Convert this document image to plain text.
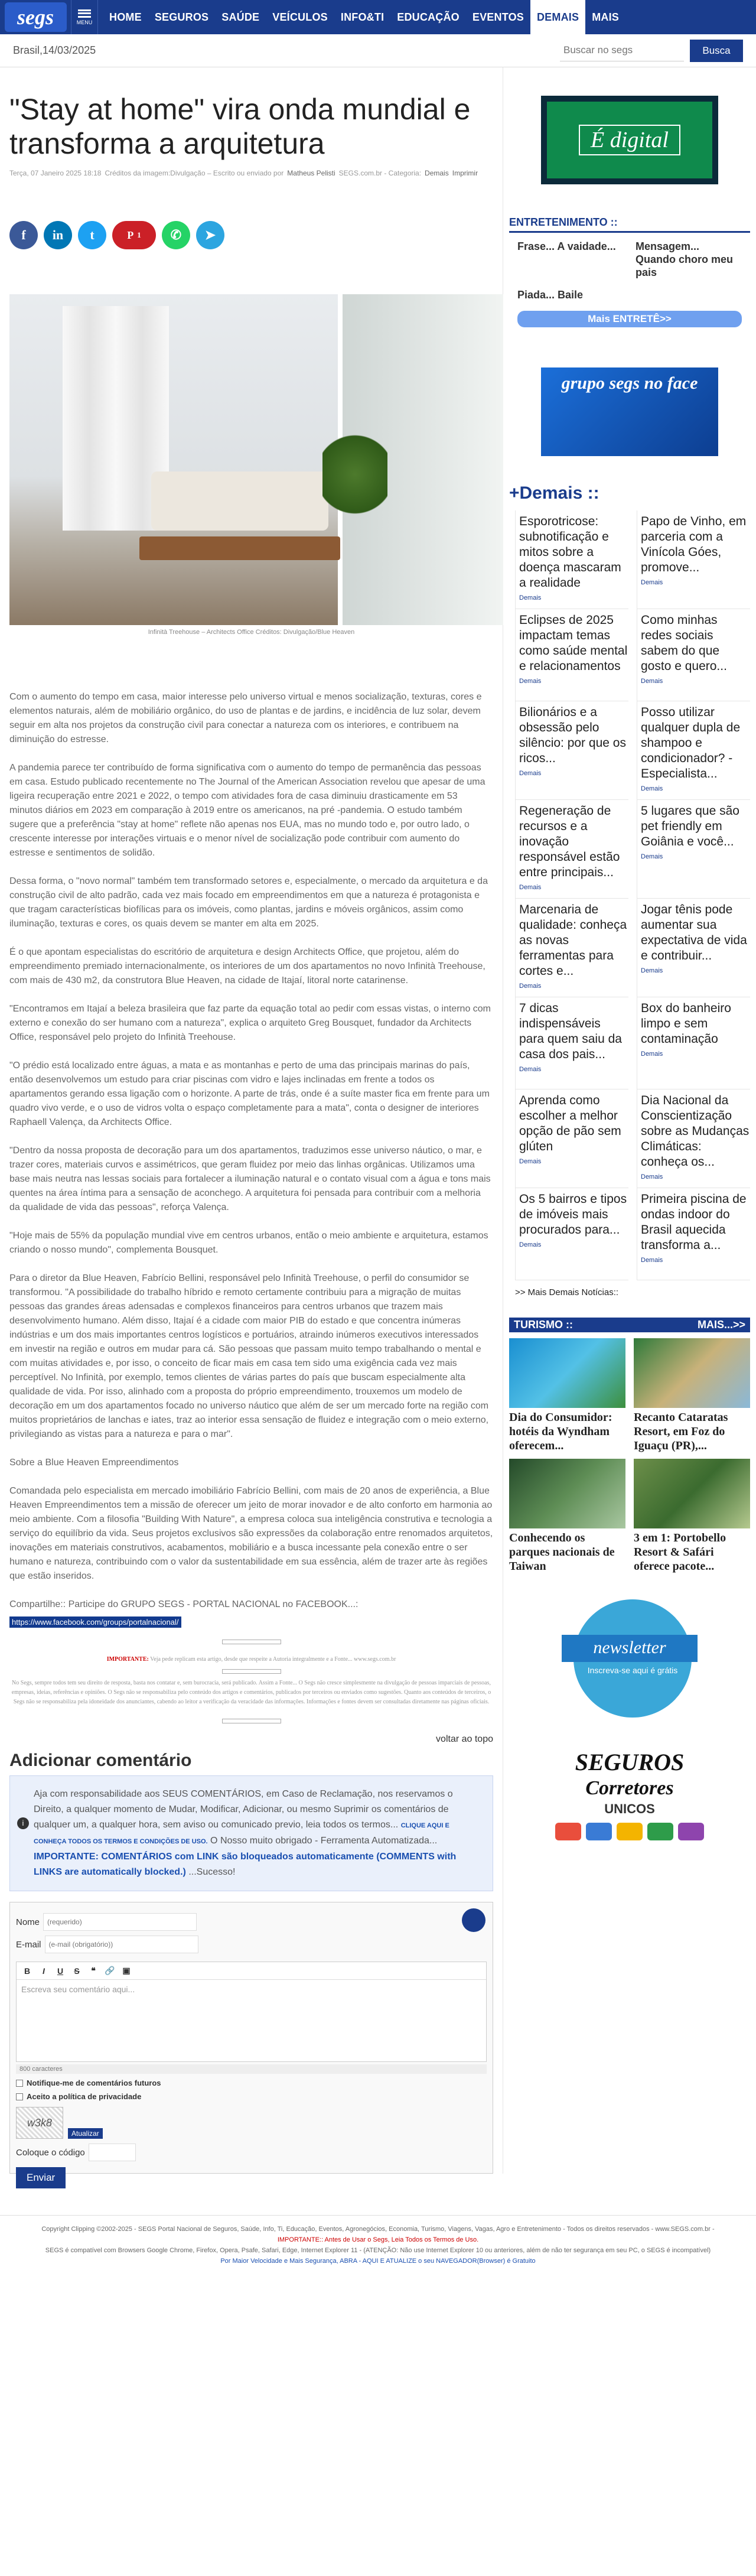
segs	MENU	HOME	SEGUROS	SAÚDE	VEÍCULOS	INFO&TI	EDUCAÇÃO	EVENTOS	DEMAIS	MAIS
Brasil,14/03/2025
Buscar no segs	Busca
"Stay at home" vira onda mundial e transforma a arquitetura
Terça, 07 Janeiro 2025 18:18 Créditos da imagem:Divulgação – Escrito ou enviado por Matheus Pelisti SEGS.com.br - Categoria: Demais Imprimir
f	in	t	P 1	✆	➤
Infinità Treehouse – Architects Office Créditos: Divulgação/Blue Heaven

Com o aumento do tempo em casa, maior interesse pelo universo virtual e menos socialização, texturas, cores e elementos naturais, além de mobiliário orgânico, do uso de plantas e de jardins, e incidência de luz solar, devem seguir em alta nos projetos da construção civil para conectar a natureza com os interiores, e contribuem na diminuição do estresse.

A pandemia parece ter contribuído de forma significativa com o aumento do tempo de permanência das pessoas em casa. Estudo publicado recentemente no The Journal of the American Association revelou que apesar de uma ligeira recuperação entre 2021 e 2022, o tempo com atividades fora de casa diminuiu drasticamente em 53 minutos diários em 2023 em comparação à 2019 entre os americanos, na pré -pandemia. O estudo também sugere que a preferência "stay at home" reflete não apenas nos EUA, mas no mundo todo e, por outro lado, o crescente interesse por interações virtuais e o menor nível de socialização pode contribuir com aumento do estresse e sentimentos de solidão.

Dessa forma, o "novo normal" também tem transformado setores e, especialmente, o mercado da arquitetura e da construção civil de alto padrão, cada vez mais focado em empreendimentos em que a natureza é protagonista e que tragam características biofílicas para os imóveis, como plantas, jardins e móveis orgânicos, assim como iluminação, texturas e cores, os quais devem se manter em alta em 2025.

É o que apontam especialistas do escritório de arquitetura e design Architects Office, que projetou, além do empreendimento premiado internacionalmente, os interiores de um dos apartamentos no novo Infinità Treehouse, com mais de 430 m2, da construtora Blue Heaven, na cidade de Itajaí, litoral norte catarinense.

"Encontramos em Itajaí a beleza brasileira que faz parte da equação total ao pedir com essas vistas, o interno com externo e conexão do ser humano com a natureza", explica o arquiteto Greg Bousquet, fundador da Architects Office, responsável pelo projeto do Infinità Treehouse.

"O prédio está localizado entre águas, a mata e as montanhas e perto de uma das principais marinas do país, então desenvolvemos um estudo para criar piscinas com vidro e lajes inclinadas em frente a todos os apartamentos gerando essa ligação com o horizonte. A parte de trás, onde é a suíte master fica em frente para um quadro vivo verde, e o uso de vidros volta o espaço completamente para a mata", conta o designer de interiores Raphaell Valença, da Architects Office.

"Dentro da nossa proposta de decoração para um dos apartamentos, traduzimos esse universo náutico, o mar, e trazer cores, materiais curvos e assimétricos, que geram fluidez por meio das linhas orgânicas. Utilizamos uma base mais neutra nas lessas sociais para fortalecer a iluminação natural e o contato visual com a água e tons mais quentes na área íntima para a sensação de aconchego. A arquitetura foi pensada para contribuir com a melhoria da qualidade de vida das pessoas", reforça Valença.

"Hoje mais de 55% da população mundial vive em centros urbanos, então o meio ambiente e arquitetura, estamos criando o nosso mundo", complementa Bousquet.

Para o diretor da Blue Heaven, Fabrício Bellini, responsável pelo Infinità Treehouse, o perfil do consumidor se transformou. "A possibilidade do trabalho híbrido e remoto certamente contribuiu para a migração de muitas pessoas das grandes áreas adensadas e complexos financeiros para centros urbanos que trazem mais desenvolvimento humano. Além disso, Itajaí é a cidade com maior PIB do estado e que concentra inúmeras indústrias e um dos mais importantes centros logísticos e portuários, atraindo inúmeros executivos interessados em investir na região e outros em mudar para cá. São pessoas que passam muito tempo trabalhando o mental e com muitas atividades e, por isso, o conceito de ficar mais em casa tem sido uma exigência cada vez mais perceptível. No Infinità, por exemplo, temos clientes de várias partes do país que buscam especialmente alta qualidade de vida. Por isso, alinhado com a proposta do próprio empreendimento, trouxemos um modelo de decoração em um dos apartamentos focado no universo náutico que além de ser um mercado forte na região com muitos proprietários de lanchas e iates, traz ao interior essa sensação de fluidez e integração com o meio externo, privilegiando as vistas para a natureza e para o mar".

Sobre a Blue Heaven Empreendimentos

Comandada pelo especialista em mercado imobiliário Fabrício Bellini, com mais de 20 anos de experiência, a Blue Heaven Empreendimentos tem a missão de oferecer um jeito de morar inovador e de alto conforto em harmonia ao meio ambiente. Com a filosofia "Building With Nature", a empresa coloca sua inteligência construtiva e tecnologia a serviço do equilíbrio da vida. Seus projetos exclusivos são expressões da colaboração entre renomados arquitetos, inovações em materiais construtivos, acabamentos, mobiliário e a busca incessante pela conexão entre o ser humano e natureza, contribuindo com o valor da sustentabilidade em sua essência, além de trazer arte às regiões que estão inseridos.

Compartilhe:: Participe do GRUPO SEGS - PORTAL NACIONAL no FACEBOOK...:

https://www.facebook.com/groups/portalnacional/
IMPORTANTE: Veja pede replicam esta artigo, desde que respeite a Autoria integralmente e a Fonte... www.segs.com.br
No Segs, sempre todos tem seu direito de resposta, basta nos contatar e, sem burocracia, será publicado. Assim a Fonte... O Segs não cresce simplesmente na divulgação de pessoas imparciais de pessoas, empresas, ideias, referências e opiniões. O Segs não se responsabiliza pelo conteúdo dos artigos e comentários, publicados por terceiros ou enviados como sugestões. Quanto aos conteúdos de terceiros, o Segs não se responsabiliza pela idoneidade dos anunciantes, cabendo ao leitor a verificação da veracidade das informações. Informações e fontes devem ser consultadas diretamente nas páginas oficiais.
voltar ao topo
Adicionar comentário
i
Aja com responsabilidade aos SEUS COMENTÁRIOS, em Caso de Reclamação, nos reservamos o Direito, a qualquer momento de Mudar, Modificar, Adicionar, ou mesmo Suprimir os comentários de qualquer um, a qualquer hora, sem aviso ou comunicado previo, leia todos os termos... CLIQUE AQUI E CONHEÇA TODOS OS TERMOS E CONDIÇÕES DE USO. O Nosso muito obrigado - Ferramenta Automatizada... IMPORTANTE: COMENTÁRIOS com LINK são bloqueados automaticamente (COMMENTS with LINKS are automatically blocked.) ...Sucesso!
Nome
(requerido)
E-mail
(e-mail (obrigatório))
B	I	U	S	❝	🔗 ▣
Escreva seu comentário aqui...
800 caracteres
Notifique-me de comentários futuros
Aceito a política de privacidade
w3k8
Atualizar
Coloque o código
Enviar
É digital
ENTRETENIMENTO ::
Frase... A vaidade...	Mensagem... Quando choro meu pais
Piada... Baile
Mais ENTRETÊ>>
grupo segs no face
+Demais ::
Esporotricose: subnotificação e mitos sobre a doença mascaram a realidade
Demais
Papo de Vinho, em parceria com a Vinícola Góes, promove...
Demais
Eclipses de 2025 impactam temas como saúde mental e relacionamentos
Demais
Como minhas redes sociais sabem do que gosto e quero...
Demais
Bilionários e a obsessão pelo silêncio: por que os ricos...
Demais
Posso utilizar qualquer dupla de shampoo e condicionador? - Especialista...
Demais
Regeneração de recursos e a inovação responsável estão entre principais...
Demais
5 lugares que são pet friendly em Goiânia e você...
Demais
Marcenaria de qualidade: conheça as novas ferramentas para cortes e...
Demais
Jogar tênis pode aumentar sua expectativa de vida e contribuir...
Demais
7 dicas indispensáveis para quem saiu da casa dos pais...
Demais
Box do banheiro limpo e sem contaminação
Demais
Aprenda como escolher a melhor opção de pão sem glúten
Demais
Dia Nacional da Conscientização sobre as Mudanças Climáticas: conheça os...
Demais
Os 5 bairros e tipos de imóveis mais procurados para...
Demais
Primeira piscina de ondas indoor do Brasil aquecida transforma a...
Demais
>> Mais Demais Notícias::
TURISMO ::	MAIS...>>
Dia do Consumidor: hotéis da Wyndham oferecem...
Recanto Cataratas Resort, em Foz do Iguaçu (PR),...
Conhecendo os parques nacionais de Taiwan
3 em 1: Portobello Resort & Safári oferece pacote...
newsletter
Inscreva-se aqui é grátis
SEGUROS
Corretores
UNICOS
Copyright Clipping ©2002-2025 - SEGS Portal Nacional de Seguros, Saúde, Info, Ti, Educação, Eventos, Agronegócios, Economia, Turismo, Viagens, Vagas, Agro e Entretenimento - Todos os direitos reservados - www.SEGS.com.br -
IMPORTANTE:: Antes de Usar o Segs, Leia Todos os Termos de Uso.
SEGS é compatível com Browsers Google Chrome, Firefox, Opera, Psafe, Safari, Edge, Internet Explorer 11 - (ATENÇÃO: Não use Internet Explorer 10 ou anteriores, além de não ter segurança em seu PC, o SEGS é incompatível)
Por Maior Velocidade e Mais Segurança, ABRA - AQUI E ATUALIZE o seu NAVEGADOR(Browser) é Gratuito
